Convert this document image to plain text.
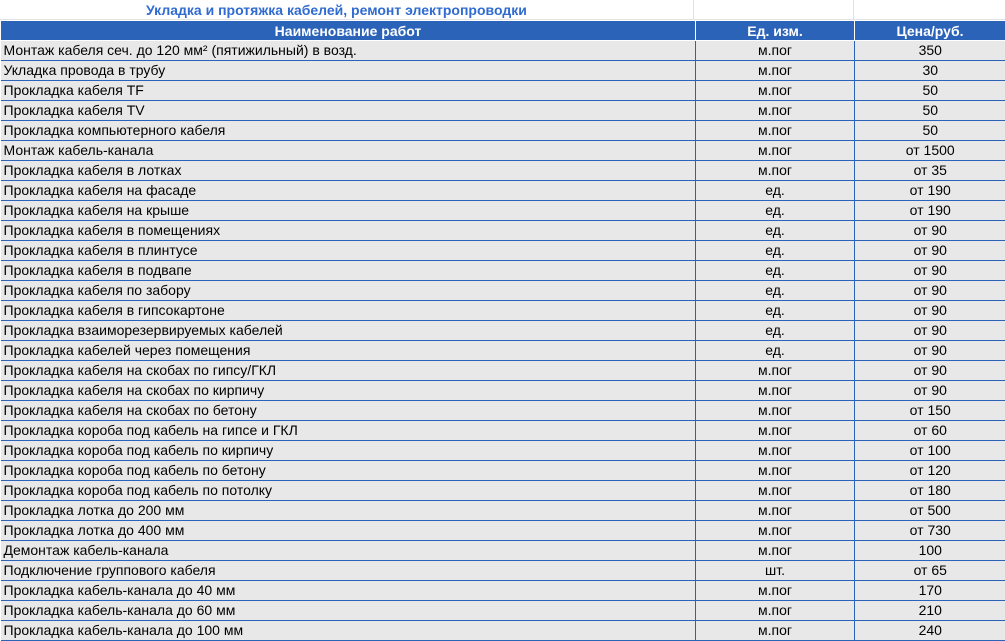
Укладка и протяжка кабелей, ремонт электропроводки
Наименование работ	Ед. изм.	Цена/руб.
Монтаж кабеля сеч. до 120 мм² (пятижильный) в возд.	м.пог	350
Укладка провода в трубу	м.пог	30
Прокладка кабеля TF	м.пог	50
Прокладка кабеля TV	м.пог	50
Прокладка компьютерного кабеля	м.пог	50
Монтаж кабель-канала	м.пог	от 1500
Прокладка кабеля в лотках	м.пог	от 35
Прокладка кабеля на фасаде	ед.	от 190
Прокладка кабеля на крыше	ед.	от 190
Прокладка кабеля в помещениях	ед.	от 90
Прокладка кабеля в плинтусе	ед.	от 90
Прокладка кабеля в подвапе	ед.	от 90
Прокладка кабеля по забору	ед.	от 90
Прокладка кабеля в гипсокартоне	ед.	от 90
Прокладка взаиморезервируемых кабелей	ед.	от 90
Прокладка кабелей через помещения	ед.	от 90
Прокладка кабеля на скобах по гипсу/ГКЛ	м.пог	от 90
Прокладка кабеля на скобах по кирпичу	м.пог	от 90
Прокладка кабеля на скобах по бетону	м.пог	от 150
Прокладка короба под кабель на гипсе и ГКЛ	м.пог	от 60
Прокладка короба под кабель по кирпичу	м.пог	от 100
Прокладка короба под кабель по бетону	м.пог	от 120
Прокладка короба под кабель по потолку	м.пог	от 180
Прокладка лотка до 200 мм	м.пог	от 500
Прокладка лотка до 400 мм	м.пог	от 730
Демонтаж кабель-канала	м.пог	100
Подключение группового кабеля	шт.	от 65
Прокладка кабель-канала до 40 мм	м.пог	170
Прокладка кабель-канала до 60 мм	м.пог	210
Прокладка кабель-канала до 100 мм	м.пог	240
